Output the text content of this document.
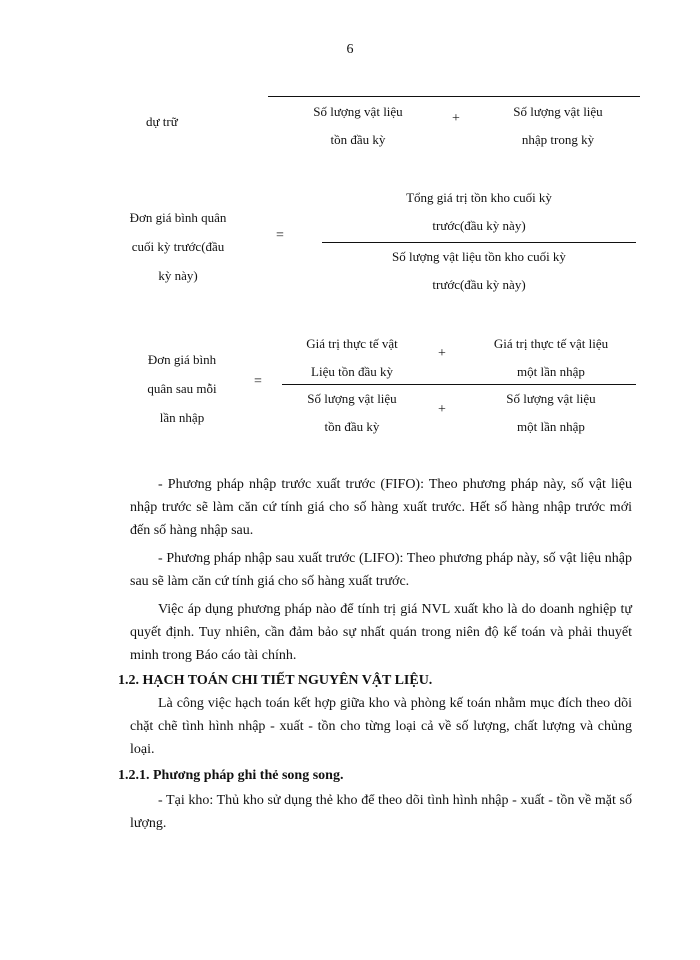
6
dự trữ
Số lượng vật liệu
tồn đầu kỳ
+	Số lượng vật liệu
nhập trong kỳ
Đơn giá bình quân
cuối kỳ trước(đầu
kỳ này)
=
Tổng giá trị tồn kho cuối kỳ
trước(đầu kỳ này)
Số lượng vật liệu tồn kho cuối kỳ
trước(đầu kỳ này)
Đơn giá bình
quân sau mỗi
lần nhập
=
Giá trị thực tế vật
Liệu tồn đầu kỳ
+
Giá trị thực tế vật liệu
một lần nhập
Số lượng vật liệu
tồn đầu kỳ
+
Số lượng vật liệu
một lần nhập
- Phương pháp nhập trước xuất trước (FIFO): Theo phương pháp này, số vật liệu nhập trước sẽ làm căn cứ tính giá cho số hàng xuất trước. Hết số hàng nhập trước mới đến số hàng nhập sau.
- Phương pháp nhập sau xuất trước (LIFO): Theo phương pháp này, số vật liệu nhập sau sẽ làm căn cứ tính giá cho số hàng xuất trước.
Việc áp dụng phương pháp nào để tính trị giá NVL xuất kho là do doanh nghiệp tự quyết định. Tuy nhiên, cần đảm bảo sự nhất quán trong niên độ kế toán và phải thuyết minh trong Báo cáo tài chính.
1.2. HẠCH TOÁN CHI TIẾT NGUYÊN VẬT LIỆU.
Là công việc hạch toán kết hợp giữa kho và phòng kế toán nhằm mục đích theo dõi chặt chẽ tình hình nhập - xuất - tồn cho từng loại cả về số lượng, chất lượng và chủng loại.
1.2.1. Phương pháp ghi thẻ song song.
- Tại kho: Thủ kho sử dụng thẻ kho để theo dõi tình hình nhập - xuất - tồn về mặt số lượng.
